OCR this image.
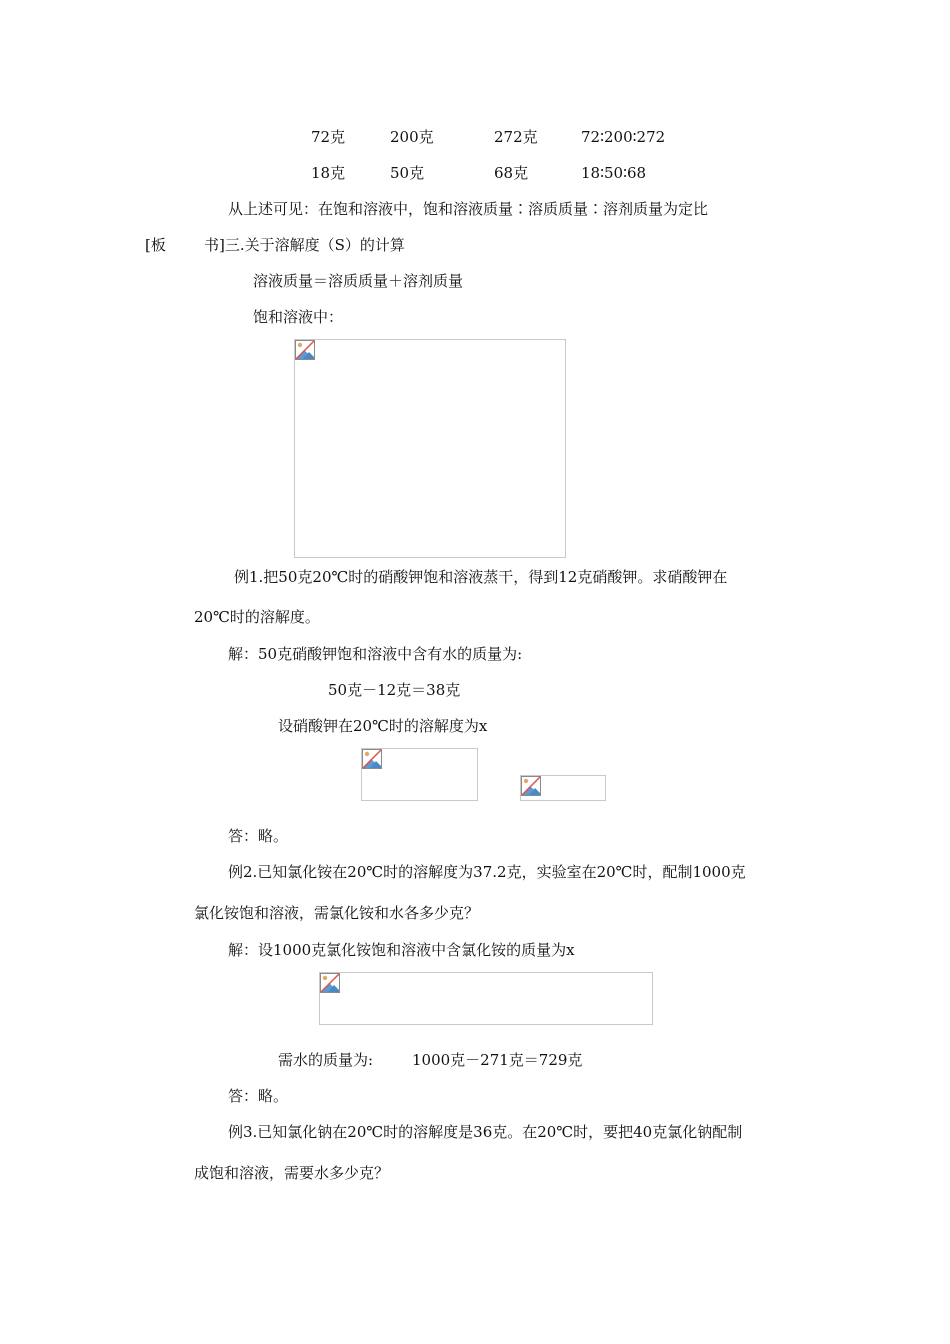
72克	200克	272克	72∶200∶272
18克	50克	68克	18∶50∶68
从上述可见：在饱和溶液中，饱和溶液质量∶溶质质量∶溶剂质量为定比
[板	书]三.关于溶解度（S）的计算
溶液质量＝溶质质量＋溶剂质量
饱和溶液中：
例1.把50克20℃时的硝酸钾饱和溶液蒸干，得到12克硝酸钾。求硝酸钾在
20℃时的溶解度。
解：50克硝酸钾饱和溶液中含有水的质量为:
50克－12克＝38克
设硝酸钾在20℃时的溶解度为x
答：略。
例2.已知氯化铵在20℃时的溶解度为37.2克，实验室在20℃时，配制1000克
氯化铵饱和溶液，需氯化铵和水各多少克？
解：设1000克氯化铵饱和溶液中含氯化铵的质量为x
需水的质量为:	1000克－271克＝729克
答：略。
例3.已知氯化钠在20℃时的溶解度是36克。在20℃时，要把40克氯化钠配制
成饱和溶液，需要水多少克？
